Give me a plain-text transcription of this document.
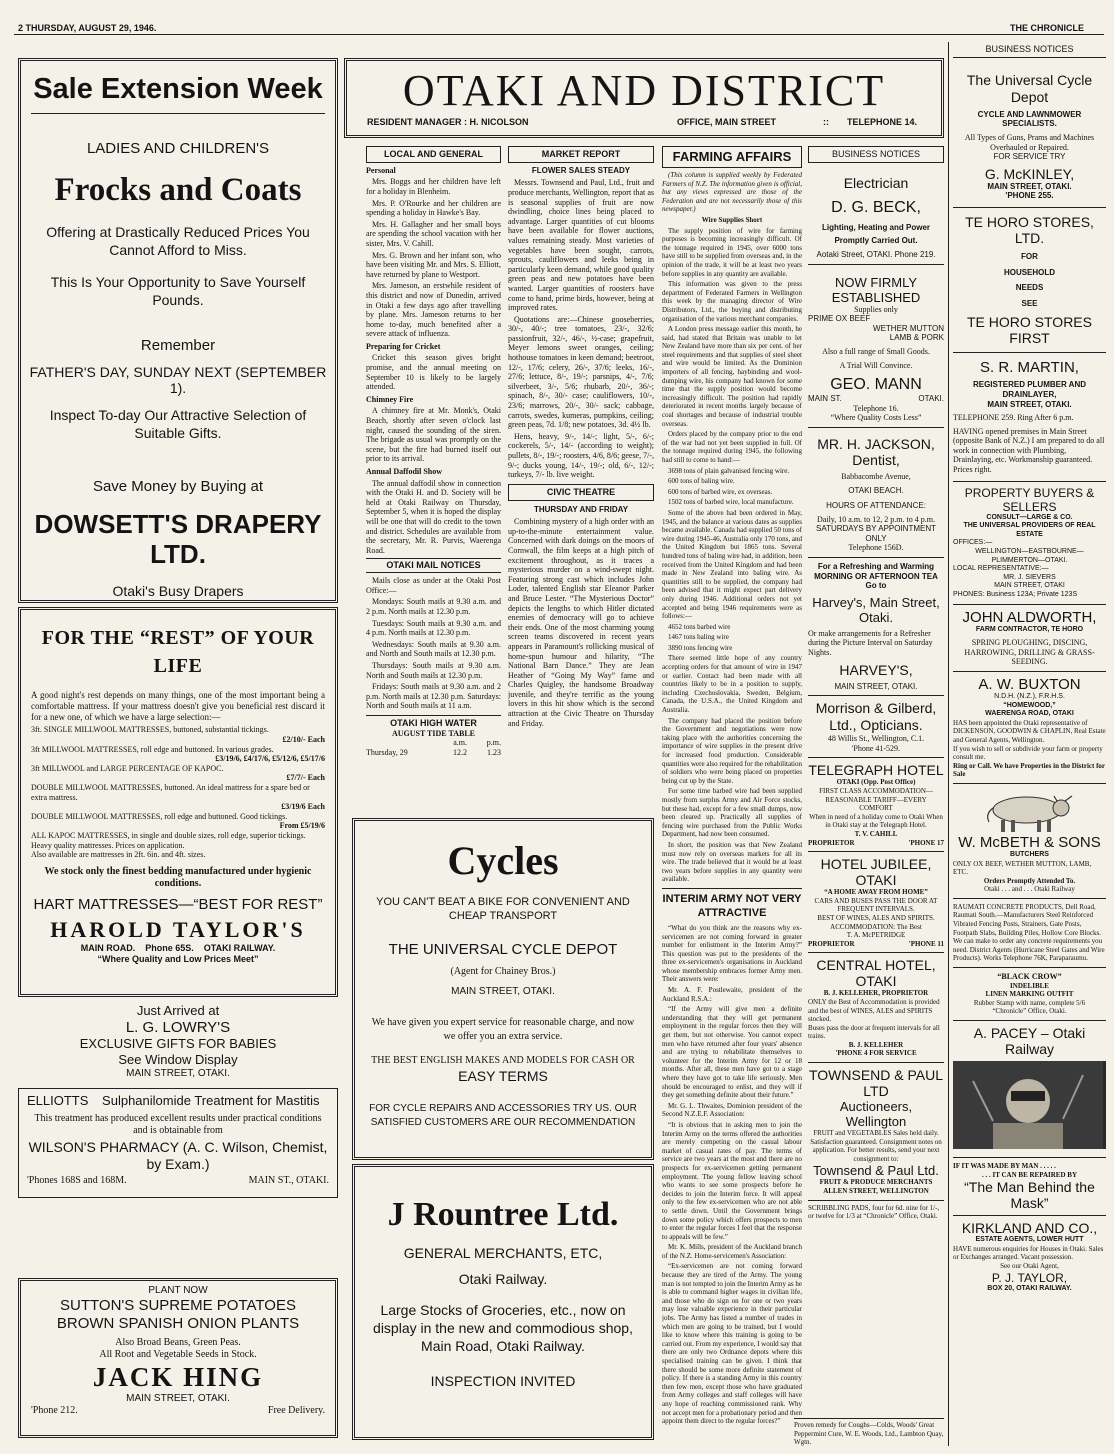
2 THURSDAY, AUGUST 29, 1946.	THE CHRONICLE
Sale Extension Week
LADIES AND CHILDREN'S
Frocks and Coats
Offering at Drastically Reduced Prices You Cannot Afford to Miss.
This Is Your Opportunity to Save Yourself Pounds.
Remember
FATHER'S DAY, SUNDAY NEXT (SEPTEMBER 1).
Inspect To-day Our Attractive Selection of Suitable Gifts.
Save Money by Buying at
DOWSETT'S DRAPERY LTD.
Otaki's Busy Drapers
FOR THE “REST” OF YOUR LIFE
A good night's rest depends on many things, one of the most important being a comfortable mattress. If your mattress doesn't give you beneficial rest discard it for a new one, of which we have a large selection:—
3ft. SINGLE MILLWOOL MATTRESSES, buttoned, substantial tickings.
£2/10/- Each
3ft MILLWOOL MATTRESSES, roll edge and buttoned. In various grades.
£3/19/6, £4/17/6, £5/12/6, £5/17/6
3ft MILLWOOL and LARGE PERCENTAGE OF KAPOC.
£7/7/- Each
DOUBLE MILLWOOL MATTRESSES, buttoned. An ideal mattress for a spare bed or extra mattress.
£3/19/6 Each
DOUBLE MILLWOOL MATTRESSES, roll edge and buttoned. Good tickings.
From £5/19/6
ALL KAPOC MATTRESSES, in single and double sizes, roll edge, superior tickings. Heavy quality mattresses. Prices on application.
Also available are mattresses in 2ft. 6in. and 4ft. sizes.
We stock only the finest bedding manufactured under hygienic conditions.
HART MATTRESSES—“BEST FOR REST”
HAROLD TAYLOR'S
MAIN ROAD.    Phone 65S.    OTAKI RAILWAY.
“Where Quality and Low Prices Meet”
Just Arrived at
L. G. LOWRY'S
EXCLUSIVE GIFTS FOR BABIES
See Window Display
MAIN STREET, OTAKI.
ELLIOTTS Sulphanilomide Treatment for Mastitis
This treatment has produced excellent results under practical conditions and is obtainable from
WILSON'S PHARMACY (A. C. Wilson, Chemist, by Exam.)
'Phones 168S and 168M.	MAIN ST., OTAKI.
PLANT NOW
SUTTON'S SUPREME POTATOES
BROWN SPANISH ONION PLANTS
Also Broad Beans, Green Peas.
All Root and Vegetable Seeds in Stock.
JACK HING
MAIN STREET, OTAKI.
'Phone 212.	Free Delivery.
OTAKI AND DISTRICT
RESIDENT MANAGER : H. NICOLSON	OFFICE, MAIN STREET	::	TELEPHONE 14.
LOCAL AND GENERAL

Personal

Mrs. Boggs and her children have left for a holiday in Blenheim.

Mrs. P. O'Rourke and her children are spending a holiday in Hawke's Bay.

Mrs. H. Gallagher and her small boys are spending the school vacation with her sister, Mrs. V. Cahill.

Mrs. G. Brown and her infant son, who have been visiting Mr. and Mrs. S. Elliott, have returned by plane to Westport.

Mrs. Jameson, an erstwhile resident of this district and now of Dunedin, arrived in Otaki a few days ago after travelling by plane. Mrs. Jameson returns to her home to-day, much benefited after a severe attack of influenza.

Preparing for Cricket

Cricket this season gives bright promise, and the annual meeting on September 10 is likely to be largely attended.

Chimney Fire

A chimney fire at Mr. Monk's, Otaki Beach, shortly after seven o'clock last night, caused the sounding of the siren. The brigade as usual was promptly on the scene, but the fire had burned itself out prior to its arrival.

Annual Daffodil Show

The annual daffodil show in connection with the Otaki H. and D. Society will be held at Otaki Railway on Thursday, September 5, when it is hoped the display will be one that will do credit to the town and district. Schedules are available from the secretary, Mr. R. Purvis, Waerenga Road.

OTAKI MAIL NOTICES

Mails close as under at the Otaki Post Office:—

Mondays: South mails at 9.30 a.m. and 2 p.m. North mails at 12.30 p.m.

Tuesdays: South mails at 9.30 a.m. and 4 p.m. North mails at 12.30 p.m.

Wednesdays: South mails at 9.30 a.m. and North and South mails at 12.30 p.m.

Thursdays: South mails at 9.30 a.m. North and South mails at 12.30 p.m.

Fridays: South mails at 9.30 a.m. and 2 p.m. North mails at 12.30 p.m. Saturdays: North and South mails at 11 a.m.

OTAKI HIGH WATER
AUGUST TIDE TABLE
a.m.	p.m.
Thursday, 29	12.2	1.23
MARKET REPORT
FLOWER SALES STEADY

Messrs. Townsend and Paul, Ltd., fruit and produce merchants, Wellington, report that as is seasonal supplies of fruit are now dwindling, choice lines being placed to advantage. Larger quantities of cut blooms have been available for flower auctions, values remaining steady. Most varieties of vegetables have been sought, carrots, sprouts, cauliflowers and leeks being in particularly keen demand, while good quality green peas and new potatoes have been wanted. Larger quantities of roosters have come to hand, prime birds, however, being at improved rates.

Quotations are:—Chinese gooseberries, 30/-, 40/-; tree tomatoes, 23/-, 32/6; passionfruit, 32/-, 46/-, ½-case; grapefruit, Meyer lemons sweet oranges, ceiling; hothouse tomatoes in keen demand; beetroot, 12/-, 17/6; celery, 26/-, 37/6; leeks, 16/-, 27/6; lettuce, 8/-, 19/-; parsnips, 4/-, 7/6; silverbeet, 3/-, 5/6; rhubarb, 20/-, 36/-; spinach, 8/-, 30/- case; cauliflowers, 10/-, 23/6; marrows, 20/-, 30/- sack; cabbage, carrots, swedes, kumeras, pumpkins, ceiling; green peas, 7d. 1/8; new potatoes, 3d. 4½ lb.

Hens, heavy, 9/-, 14/-; light, 5/-, 6/-; cockerels, 5/-, 14/- (according to weight); pullets, 8/-, 19/-; roosters, 4/6, 8/6; geese, 7/-, 9/-; ducks young, 14/-, 19/-; old, 6/-, 12/-; turkeys, 7/- lb. live weight.

CIVIC THEATRE
THURSDAY AND FRIDAY

Combining mystery of a high order with an up-to-the-minute entertainment value. Concerned with dark doings on the moors of Cornwall, the film keeps at a high pitch of excitement throughout, as it traces a mysterious murder on a wind-swept night. Featuring strong cast which includes John Loder, talented English star Eleanor Parker and Bruce Lester. “The Mysterious Doctor” depicts the lengths to which Hitler dictated enemies of democracy will go to achieve their ends. One of the most charming young screen teams discovered in recent years appears in Paramount's rollicking musical of home-spun humour and hilarity, “The National Barn Dance.” They are Jean Heather of “Going My Way” fame and Charles Quigley, the handsome Broadway juvenile, and they're terrific as the young lovers in this hit show which is the second attraction at the Civic Theatre on Thursday and Friday.

Cycles
YOU CAN'T BEAT A BIKE FOR CONVENIENT AND CHEAP TRANSPORT
THE UNIVERSAL CYCLE DEPOT
(Agent for Chainey Bros.)
MAIN STREET, OTAKI.
We have given you expert service for reasonable charge, and now we offer you an extra service.
THE BEST ENGLISH MAKES AND MODELS FOR CASH OR
EASY TERMS
FOR CYCLE REPAIRS AND ACCESSORIES TRY US. OUR SATISFIED CUSTOMERS ARE OUR RECOMMENDATION
J Rountree Ltd.
GENERAL MERCHANTS, ETC,
Otaki Railway.
Large Stocks of Groceries, etc., now on display in the new and commodious shop, Main Road, Otaki Railway.
INSPECTION INVITED
FARMING AFFAIRS

(This column is supplied weekly by Federated Farmers of N.Z. The information given is official, but any views expressed are those of the Federation and are not necessarily those of this newspaper.)

Wire Supplies Short

The supply position of wire for farming purposes is becoming increasingly difficult. Of the tonnage required in 1945, over 6000 tons have still to be supplied from overseas and, in the opinion of the trade, it will be at least two years before supplies in any quantity are available.

This information was given to the press department of Federated Farmers in Wellington this week by the managing director of Wire Distributors, Ltd., the buying and distributing organisation of the various merchant companies.

A London press message earlier this month, he said, had stated that Britain was unable to let New Zealand have more than six per cent. of her steel requirements and that supplies of steel sheet and wire would be limited. As the Dominion importers of all fencing, haybinding and wool-dumping wire, his company had known for some time that the supply position would become increasingly difficult. The position had rapidly deteriorated in recent months largely because of coal shortages and because of industrial trouble overseas.

Orders placed by the company prior to the end of the war had not yet been supplied in full. Of the tonnage required during 1945, the following had still to come to hand:—

3698 tons of plain galvanised fencing wire.

600 tons of baling wire.

600 tons of barbed wire, ex overseas.

1502 tons of barbed wire, local manufacture.

Some of the above had been ordered in May, 1945, and the balance at various dates as supplies became available. Canada had supplied 50 tons of wire during 1945-46, Australia only 170 tons, and the United Kingdom but 1865 tons. Several hundred tons of baling wire had, in addition, been received from the United Kingdom and had been made in New Zealand into baling wire. As quantities still to be supplied, the company had been advised that it might expect part delivery only during 1946. Additional orders not yet accepted and being 1946 requirements were as follows:—

4652 tons barbed wire

1467 tons baling wire

3890 tons fencing wire

There seemed little hope of any country accepting orders for that amount of wire in 1947 or earlier. Contact had been made with all countries likely to be in a position to supply, including Czechoslovakia, Sweden, Belgium, Canada, the U.S.A., the United Kingdom and Australia.

The company had placed the position before the Government and negotiations were now taking place with the authorities concerning the importance of wire supplies in the present drive for increased food production. Considerable quantities were also required for the rehabilitation of soldiers who were being placed on properties being cut up by the State.

For some time barbed wire had been supplied mostly from surplus Army and Air Force stocks, but these had, except for a few small dumps, now been cleared up. Practically all supplies of fencing wire purchased from the Public Works Department, had now been consumed.

In short, the position was that New Zealand must now rely on overseas markets for all its wire. The trade believed that it would be at least two years before supplies in any quantity were available.

INTERIM ARMY NOT VERY ATTRACTIVE

“What do you think are the reasons why ex-servicemen are not coming forward in greater number for enlistment in the Interim Army?” This question was put to the presidents of the three ex-servicemen's organisations in Auckland whose membership embraces former Army men. Their answers were:

Mr. A. F. Postlewaite, president of the Auckland R.S.A.:

“If the Army will give men a definite understanding that they will get permanent employment in the regular forces then they will get them, but not otherwise. You cannot expect men who have returned after four years' absence and are trying to rehabilitate themselves to volunteer for the Interim Army for 12 or 18 months. After all, these men have got to a stage where they have got to take life seriously. Men should be encouraged to enlist, and they will if they get something definite about their future.”

Mr. G. L. Thwaites, Dominion president of the Second N.Z.E.F. Association:

“It is obvious that in asking men to join the Interim Army on the terms offered the authorities are merely competing on the casual labour market of casual rates of pay. The terms of service are two years at the most and there are no prospects for ex-servicemen getting permanent employment. The young fellow leaving school who wants to see some prospects before he decides to join the Interim force. It will appeal only to the few ex-servicemen who are not able to settle down. Until the Government brings down some policy which offers prospects to men to enter the regular forces I feel that the response to appeals will be few.”

Mr. K. Mills, president of the Auckland branch of the N.Z. Home-servicemen's Association:

“Ex-servicemen are not coming forward because they are tired of the Army. The young man is not tempted to join the Interim Army as he is able to command higher wages in civilian life, and those who do sign on for one or two years may lose valuable experience in their particular jobs. The Army has listed a number of trades in which men are going to be trained, but I would like to know where this training is going to be carried out. From my experience, I would say that there are only two Ordnance depots where this specialised training can be given. I think that there should be some more definite statement of policy. If there is a standing Army in this country then few men, except those who have graduated from Army colleges and staff colleges will have any hope of reaching commissioned rank. Why not accept men for a probationary period and then appoint them direct to the regular forces?”	Proven remedy for Coughs—Colds, Woods' Great Peppermint Cure, W. E. Woods, Ltd., Lambton Quay, Wgtn.
BUSINESS NOTICES
Electrician
D. G. BECK,
Lighting, Heating and Power
Promptly Carried Out.
Aotaki Street, OTAKI. Phone 219.
NOW FIRMLY ESTABLISHED
Supplies only
PRIME OX BEEF
WETHER MUTTON
LAMB & PORK
Also a full range of Small Goods.
A Trial Will Convince.
GEO. MANN
MAIN ST.	OTAKI.
Telephone 16.
“Where Quality Costs Less”
MR. H. JACKSON,
Dentist,
Babbacombe Avenue,
OTAKI BEACH.
HOURS OF ATTENDANCE:
Daily, 10 a.m. to 12, 2 p.m. to 4 p.m.
SATURDAYS BY APPOINTMENT ONLY
Telephone 156D.
For a Refreshing and Warming MORNING OR AFTERNOON TEA Go to
Harvey's, Main Street, Otaki.
Or make arrangements for a Refresher during the Picture Interval on Saturday Nights.
HARVEY'S,
MAIN STREET, OTAKI.
Morrison & Gilberd, Ltd., Opticians.
48 Willis St., Wellington, C.1.
'Phone 41-529.
TELEGRAPH HOTEL
OTAKI (Opp. Post Office)
FIRST CLASS ACCOMMODATION—REASONABLE TARIFF—EVERY COMFORT
When in need of a holiday come to Otaki When in Otaki stay at the Telegraph Hotel.
T. V. CAHILL
PROPRIETOR	'PHONE 17
HOTEL JUBILEE, OTAKI
“A HOME AWAY FROM HOME”
CARS AND BUSES PASS THE DOOR AT FREQUENT INTERVALS.
BEST OF WINES, ALES AND SPIRITS.
ACCOMMODATION: The Best
T. A. McPETRIDGE
PROPRIETOR	'PHONE 11
CENTRAL HOTEL, OTAKI
B. J. KELLEHER, PROPRIETOR
ONLY the Best of Accommodation is provided and the best of WINES, ALES and SPIRITS stocked.
Buses pass the door at frequent intervals for all trains.
B. J. KELLEHER
'PHONE 4 FOR SERVICE
TOWNSEND & PAUL LTD
Auctioneers, Wellington
FRUIT and VEGETABLES Sales held daily. Satisfaction guaranteed. Consignment notes on application. For better results, send your next consignment to:
Townsend & Paul Ltd.
FRUIT & PRODUCE MERCHANTS
ALLEN STREET, WELLINGTON
SCRIBBLING PADS, four for 6d. nine for 1/-, or twelve for 1/3 at “Chronicle” Office, Otaki.
BUSINESS NOTICES
The Universal Cycle Depot
CYCLE AND LAWNMOWER SPECIALISTS.
All Types of Guns, Prams and Machines Overhauled or Repaired.
FOR SERVICE TRY
G. McKINLEY,
MAIN STREET, OTAKI.
'PHONE 255.
TE HORO STORES, LTD.
FOR
HOUSEHOLD
NEEDS
SEE
TE HORO STORES FIRST
S. R. MARTIN,
REGISTERED PLUMBER AND DRAINLAYER,
MAIN STREET, OTAKI.
TELEPHONE 259. Ring After 6 p.m.
HAVING opened premises in Main Street (opposite Bank of N.Z.) I am prepared to do all work in connection with Plumbing, Drainlaying, etc. Workmanship guaranteed. Prices right.
PROPERTY BUYERS & SELLERS
CONSULT—LARGE & CO.
THE UNIVERSAL PROVIDERS OF REAL ESTATE
OFFICES:—
WELLINGTON—EASTBOURNE—PLIMMERTON—OTAKI.
LOCAL REPRESENTATIVE:—
MR. J. SIEVERS
MAIN STREET, OTAKI
PHONES: Business 123A; Private 123S
JOHN ALDWORTH,
FARM CONTRACTOR, TE HORO
SPRING PLOUGHING, DISCING, HARROWING, DRILLING & GRASS-SEEDING.
A. W. BUXTON
N.D.H. (N.Z.), F.R.H.S.
“HOMEWOOD,”
WAERENGA ROAD, OTAKI
HAS been appointed the Otaki representative of DICKENSON, GOODWIN & CHAPLIN, Real Estate and General Agents, Wellington.
If you wish to sell or subdivide your farm or property consult me.
Ring or Call. We have Properties in the District for Sale
W. McBETH & SONS
BUTCHERS
ONLY OX BEEF, WETHER MUTTON, LAMB, ETC.
Orders Promptly Attended To.
Otaki . . . and . . . Otaki Railway
RAUMATI CONCRETE PRODUCTS, Dell Road, Raumati South.—Manufacturers Steel Reinforced Vibrated Fencing Posts, Strainers, Gate Posts, Footpath Slabs, Building Piles, Hollow Core Blocks. We can make to order any concrete requirements you need. District Agents (Hurricane Steel Gates and Wire Products). Works Telephone 76K, Paraparaumu.
“BLACK CROW”
INDELIBLE
LINEN MARKING OUTFIT
Rubber Stamp with name, complete 5/6
“Chronicle” Office, Otaki.
A. PACEY – Otaki Railway
IF IT WAS MADE BY MAN . . . . .
. . . IT CAN BE REPAIRED BY
“The Man Behind the Mask”
KIRKLAND AND CO.,
ESTATE AGENTS, LOWER HUTT
HAVE numerous enquiries for Houses in Otaki. Sales or Exchanges arranged. Vacant possession.
See our Otaki Agent,
P. J. TAYLOR,
BOX 20, OTAKI RAILWAY.
